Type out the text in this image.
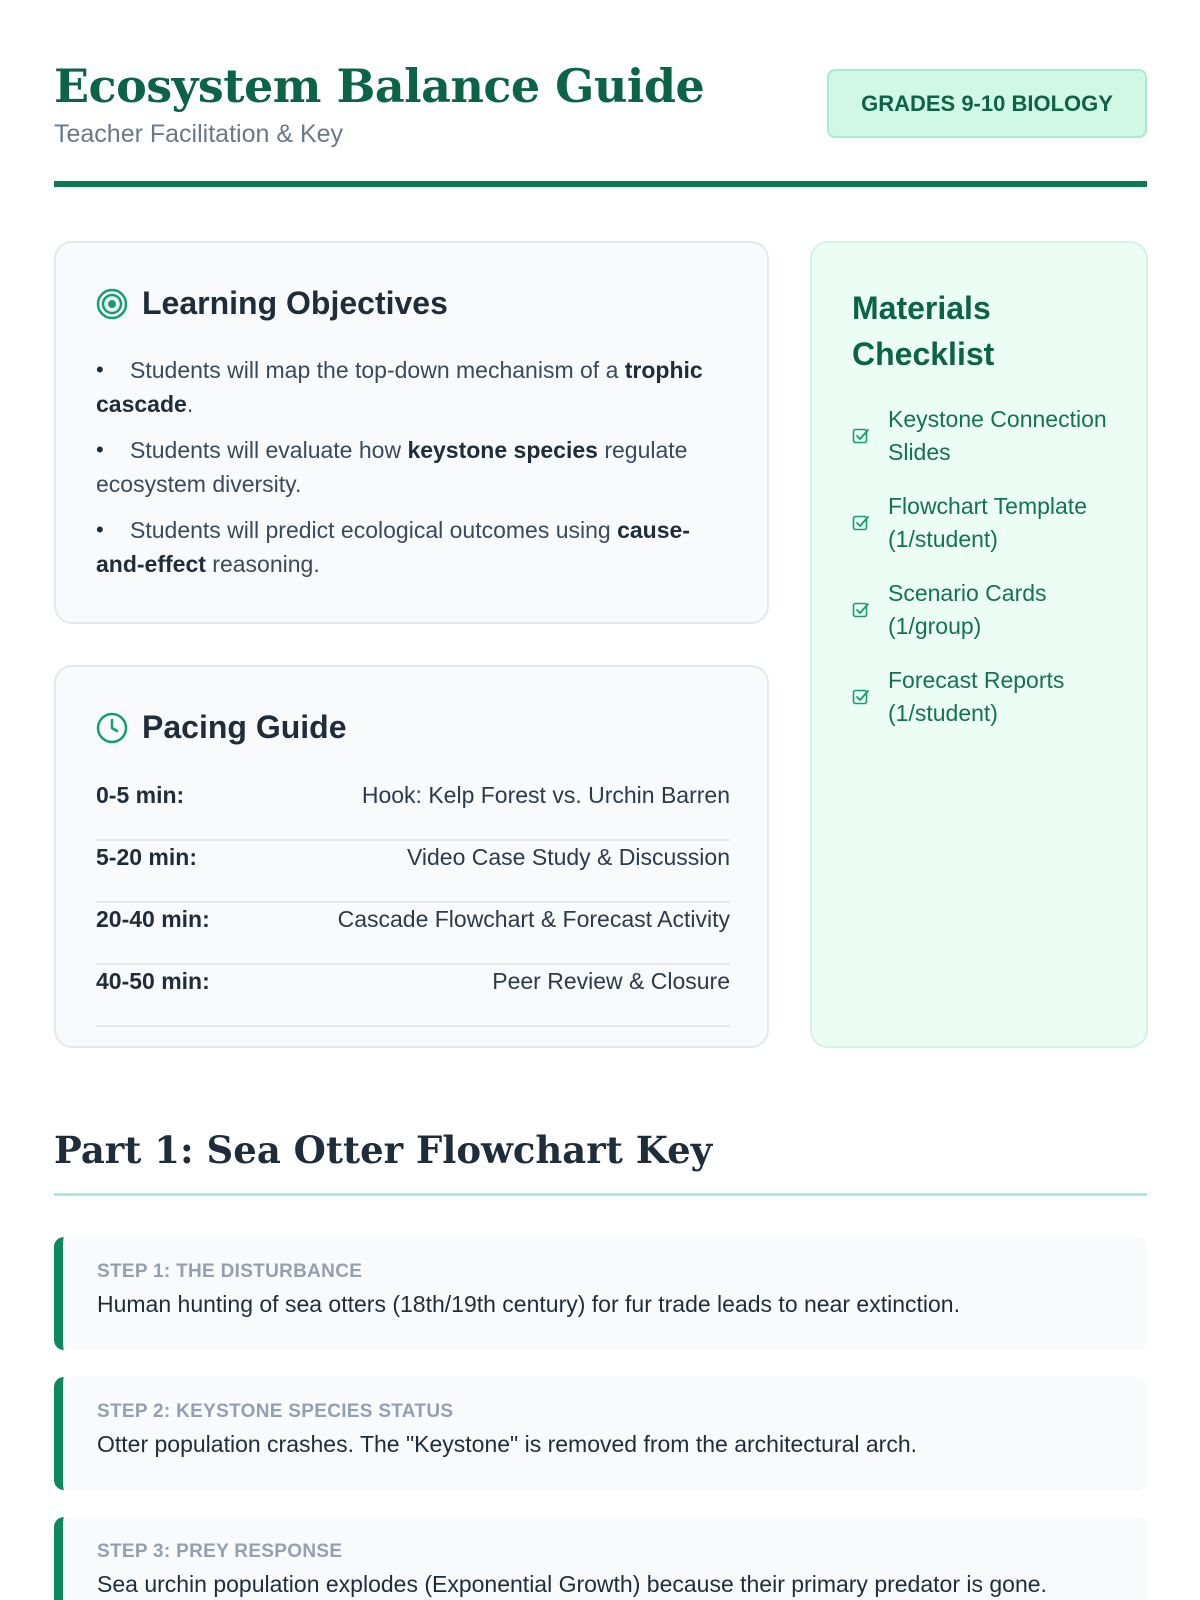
Ecosystem Balance Guide
Teacher Facilitation & Key
GRADES 9-10 BIOLOGY
Learning Objectives
• Students will map the top-down mechanism of a trophic cascade.
• Students will evaluate how keystone species regulate ecosystem diversity.
• Students will predict ecological outcomes using cause-and-effect reasoning.
Pacing Guide
0-5 min:	Hook: Kelp Forest vs. Urchin Barren
5-20 min:	Video Case Study & Discussion
20-40 min:	Cascade Flowchart & Forecast Activity
40-50 min:	Peer Review & Closure
Materials Checklist
Keystone Connection Slides
Flowchart Template (1/student)
Scenario Cards (1/group)
Forecast Reports (1/student)
Part 1: Sea Otter Flowchart Key
STEP 1: THE DISTURBANCE
Human hunting of sea otters (18th/19th century) for fur trade leads to near extinction.
STEP 2: KEYSTONE SPECIES STATUS
Otter population crashes. The "Keystone" is removed from the architectural arch.
STEP 3: PREY RESPONSE
Sea urchin population explodes (Exponential Growth) because their primary predator is gone.
